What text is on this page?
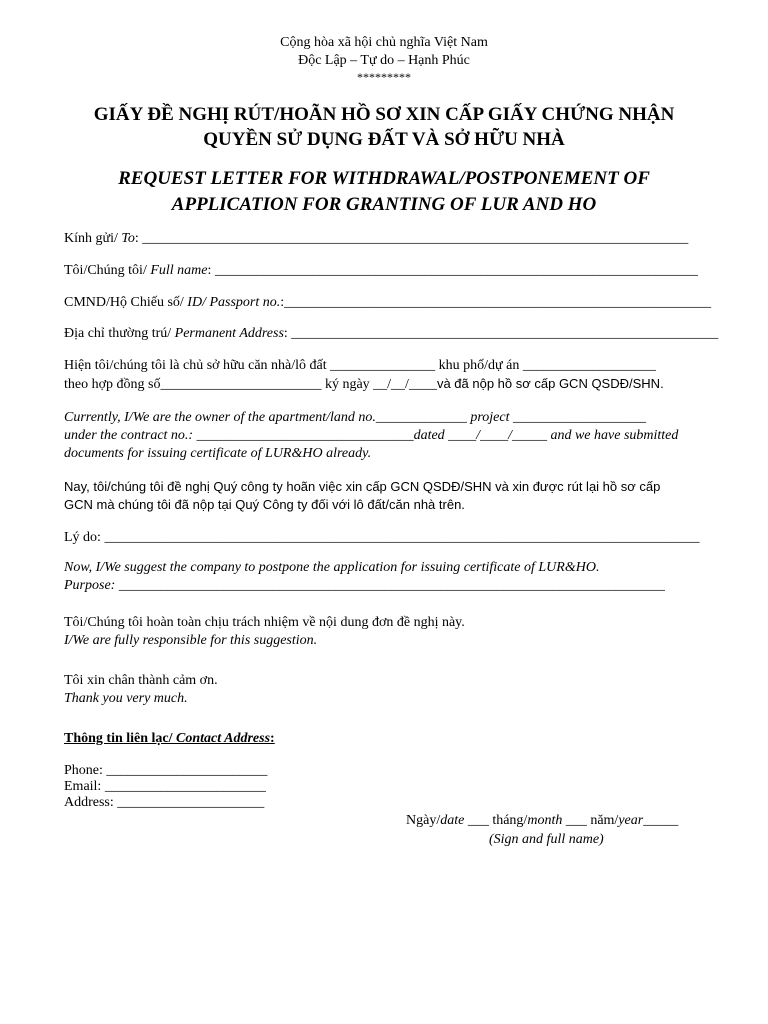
Cộng hòa xã hội chủ nghĩa Việt Nam
Độc Lập – Tự do – Hạnh Phúc
*********
GIẤY ĐỀ NGHỊ RÚT/HOÃN HỒ SƠ XIN CẤP GIẤY CHỨNG NHẬN
QUYỀN SỬ DỤNG ĐẤT VÀ SỞ HỮU NHÀ
REQUEST LETTER FOR WITHDRAWAL/POSTPONEMENT OF
APPLICATION FOR GRANTING OF LUR AND HO
Kính gửi/ To: ______________________________________________________________________________
Tôi/Chúng tôi/ Full name: _____________________________________________________________________
CMND/Hộ Chiếu số/ ID/ Passport no.:_____________________________________________________________
Địa chỉ thường trú/ Permanent Address: _____________________________________________________________
Hiện tôi/chúng tôi là chủ sở hữu căn nhà/lô đất _______________ khu phố/dự án ___________________
theo hợp đồng số_______________________ ký ngày __/__/____và đã nộp hồ sơ cấp GCN QSDĐ/SHN.
Currently, I/We are the owner of the apartment/land no._____________ project ___________________
under the contract no.: _______________________________dated ____/____/_____ and we have submitted
documents for issuing certificate of LUR&HO already.
Nay, tôi/chúng tôi đề nghị Quý công ty hoãn việc xin cấp GCN QSDĐ/SHN và xin được rút lại hồ sơ cấp
GCN mà chúng tôi đã nộp tại Quý Công ty đối với lô đất/căn nhà trên.
Lý do: _____________________________________________________________________________________
Now, I/We suggest the company to postpone the application for issuing certificate of LUR&HO.
Purpose: ______________________________________________________________________________
Tôi/Chúng tôi hoàn toàn chịu trách nhiệm về nội dung đơn đề nghị này.
I/We are fully responsible for this suggestion.
Tôi xin chân thành cảm ơn.
Thank you very much.
Thông tin liên lạc/ Contact Address:
Phone: _______________________
Email: _______________________
Address: _____________________
Ngày/date ___ tháng/month ___ năm/year_____
(Sign and full name)
